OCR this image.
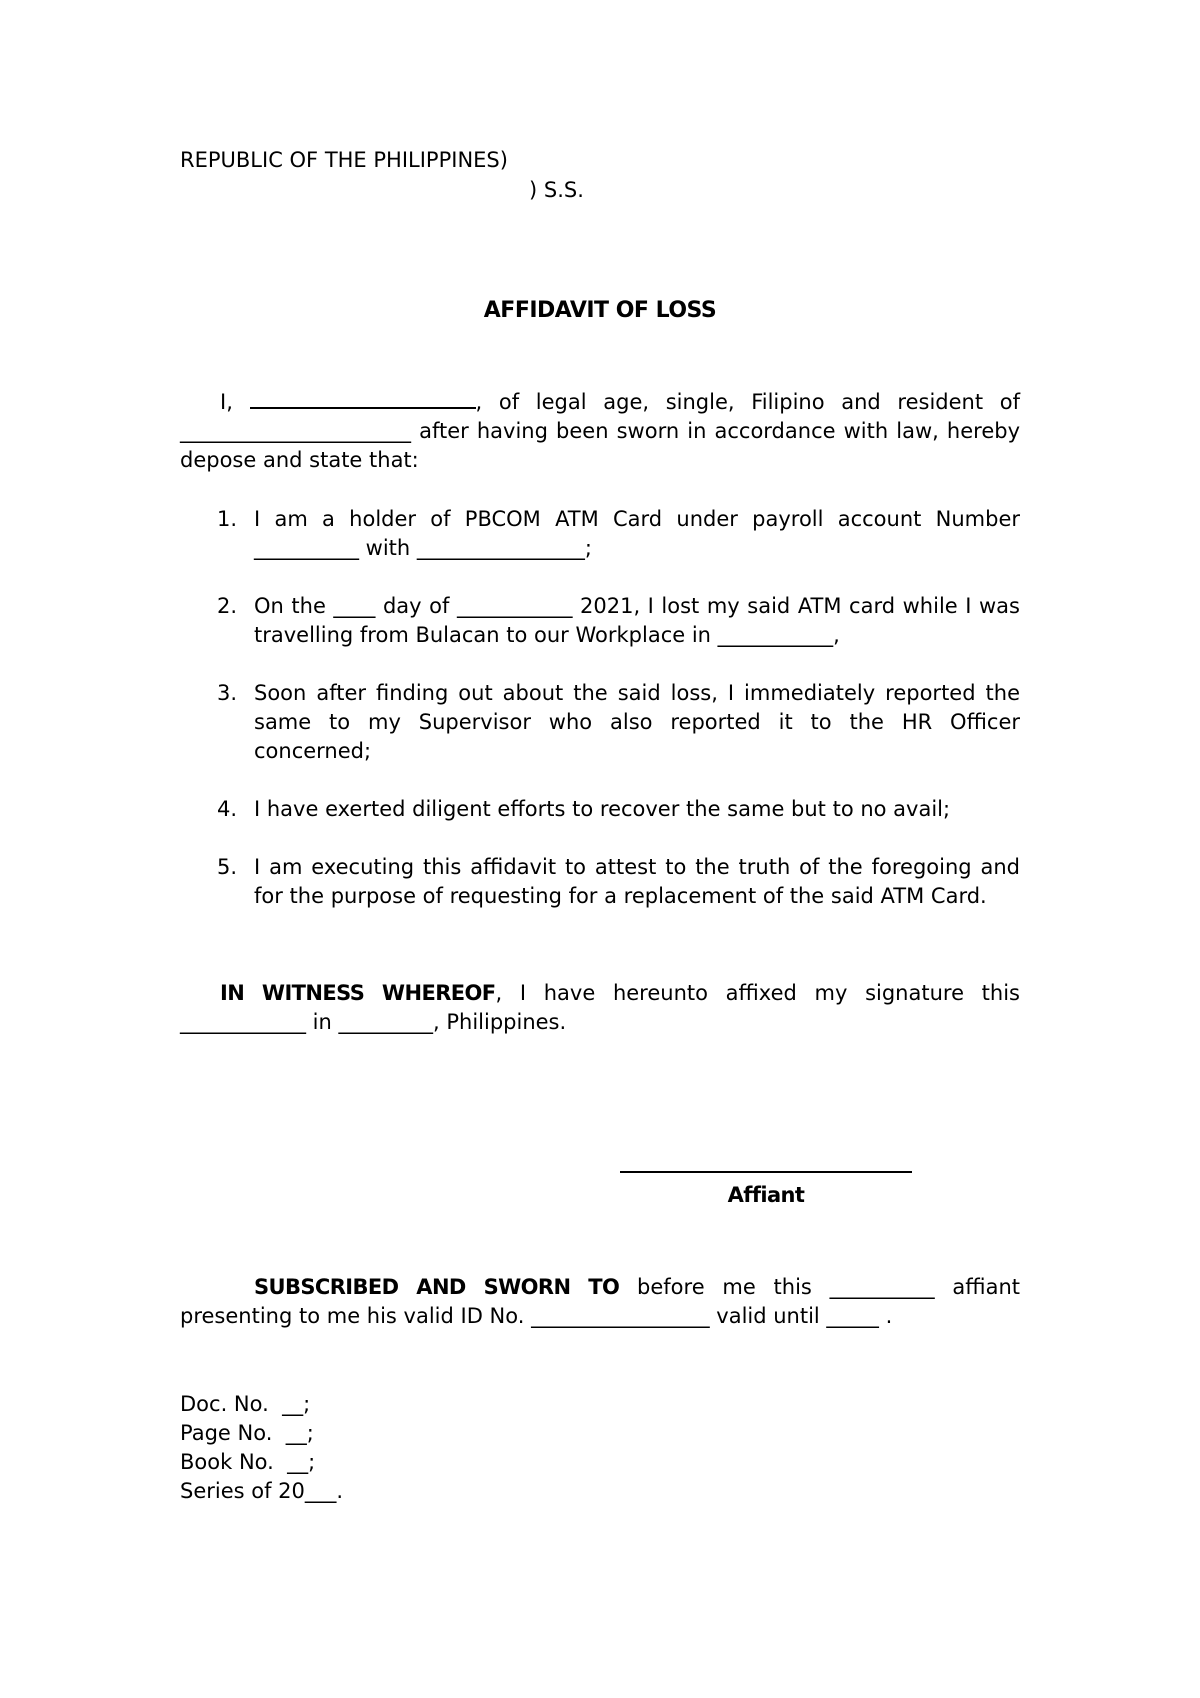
REPUBLIC OF THE PHILIPPINES)
) S.S.
AFFIDAVIT OF LOSS
I,	, of legal age, single, Filipino and resident of ______________________ after having been sworn in accordance with law, hereby depose and state that:
1. I am a holder of PBCOM ATM Card under payroll account Number __________ with ________________;
2. On the ____ day of ___________ 2021, I lost my said ATM card while I was travelling from Bulacan to our Workplace in ___________,
3. Soon after finding out about the said loss, I immediately reported the same to my Supervisor who also reported it to the HR Officer concerned;
4. I have exerted diligent efforts to recover the same but to no avail;
5. I am executing this affidavit to attest to the truth of the foregoing and for the purpose of requesting for a replacement of the said ATM Card.
IN WITNESS WHEREOF, I have hereunto affixed my signature this ____________ in _________, Philippines.
Affiant
SUBSCRIBED AND SWORN TO before me this __________ affiant presenting to me his valid ID No. _________________ valid until _____ .
Doc. No.  __;
Page No.  __;
Book No.  __;
Series of 20___.
